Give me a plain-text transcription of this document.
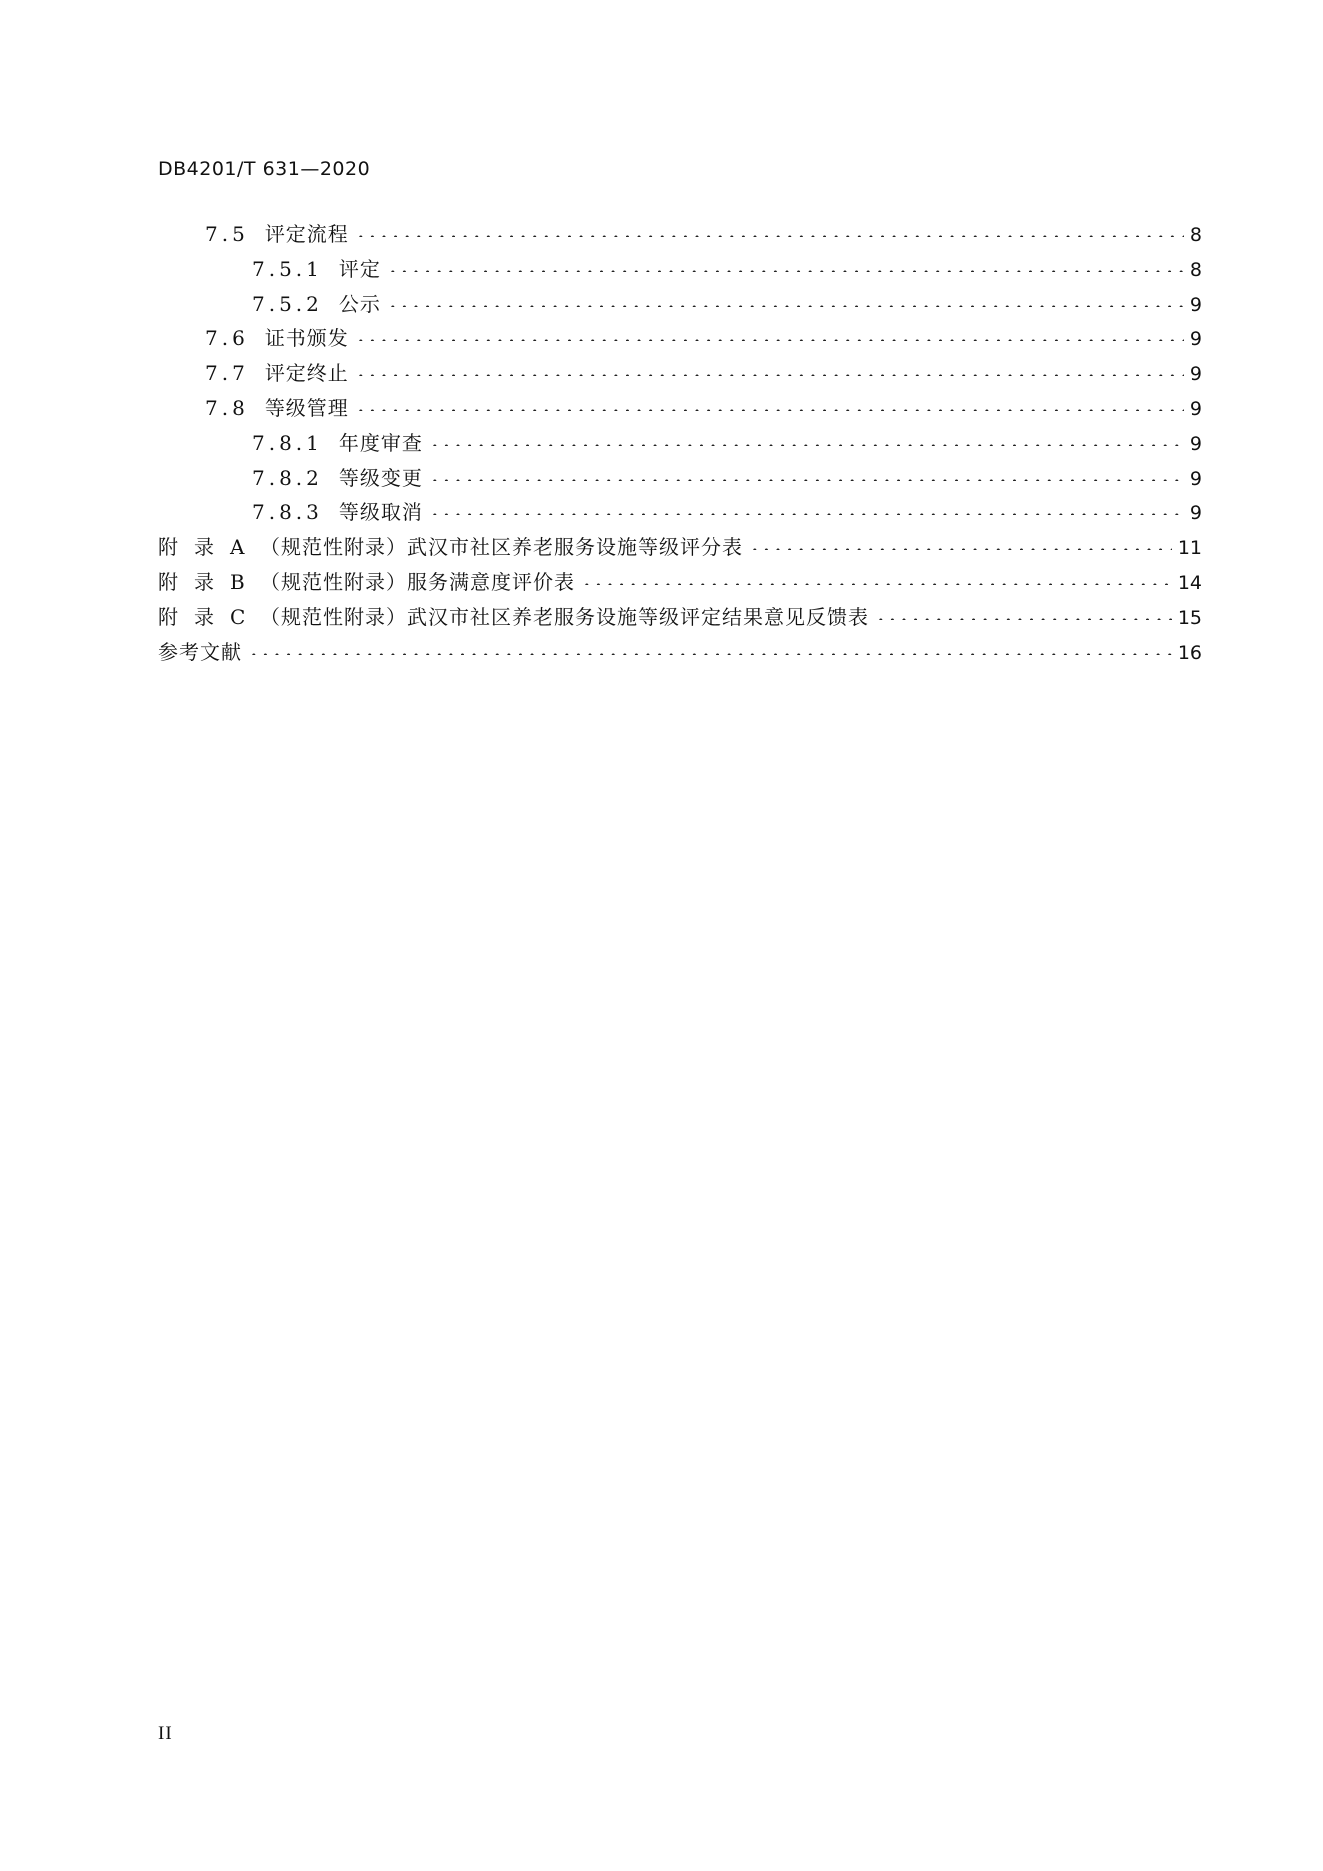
DB4201/T 631—2020
7.5 评定流程	8
7.5.1 评定	8
7.5.2 公示	9
7.6 证书颁发	9
7.7 评定终止	9
7.8 等级管理	9
7.8.1 年度审查	9
7.8.2 等级变更	9
7.8.3 等级取消	9
附 录 A （规范性附录）武汉市社区养老服务设施等级评分表	11
附 录 B （规范性附录）服务满意度评价表	14
附 录 C （规范性附录）武汉市社区养老服务设施等级评定结果意见反馈表	15
参考文献	16
II
